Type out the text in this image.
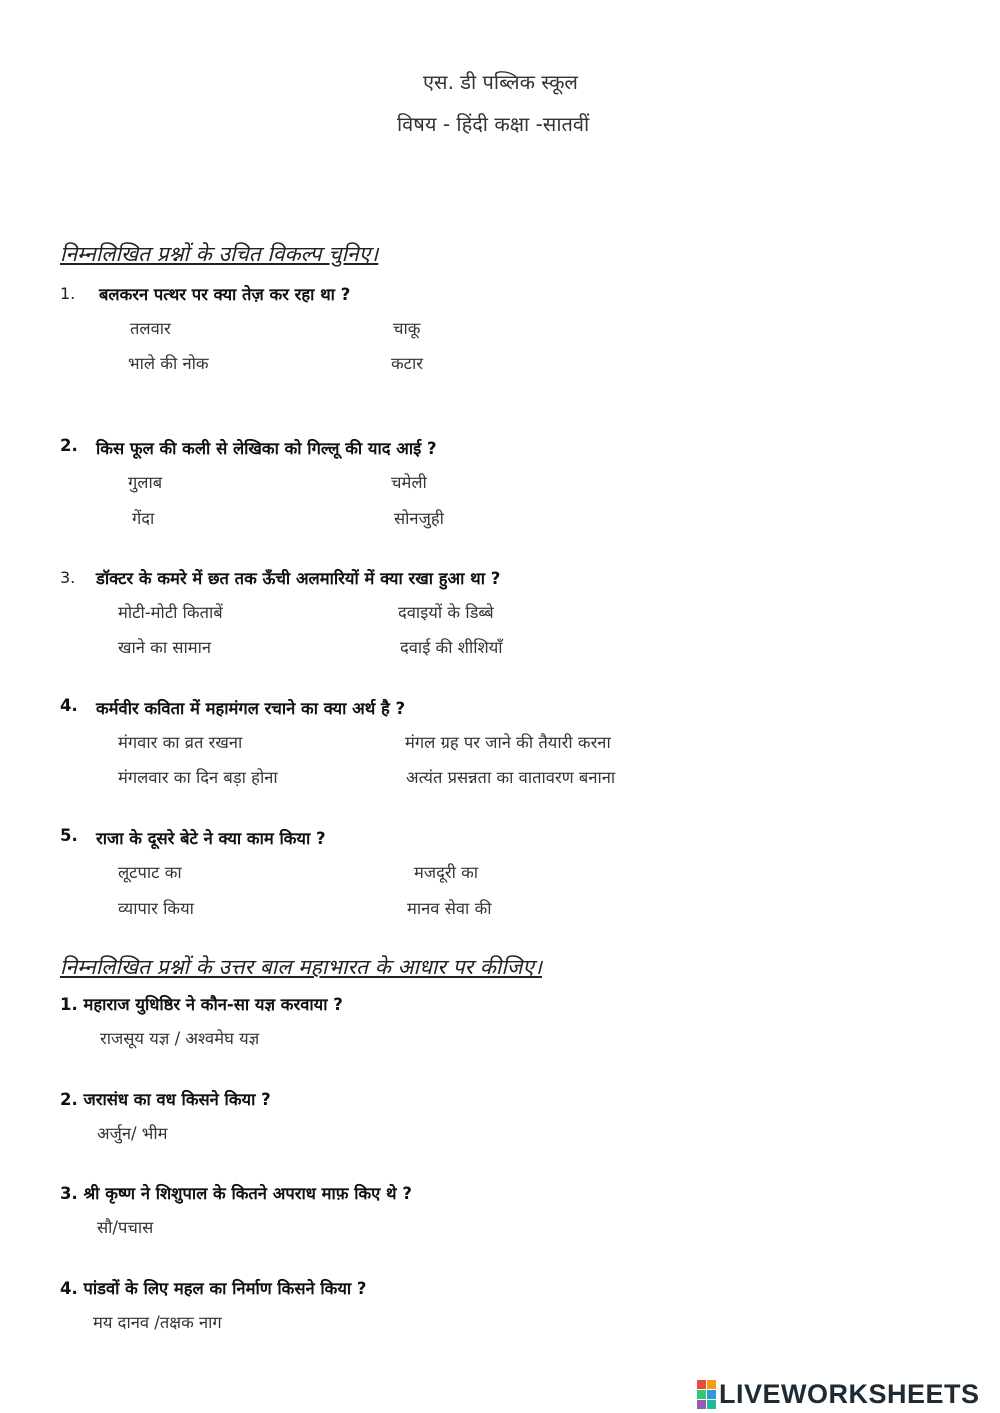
एस. डी पब्लिक स्कूल
विषय - हिंदी कक्षा -सातवीं
निम्नलिखित प्रश्नों के उचित विकल्प चुनिए।
1. बलकरन पत्थर पर क्या तेज़ कर रहा था ?
तलवार	चाकू
भाले की नोक	कटार
2. किस फूल की कली से लेखिका को गिल्लू की याद आई ?
गुलाब	चमेली
गेंदा	सोनजुही
3. डॉक्टर के कमरे में छत तक ऊँची अलमारियों में क्या रखा हुआ था ?
मोटी-मोटी किताबें	दवाइयों के डिब्बे
खाने का सामान	दवाई की शीशियाँ
4. कर्मवीर कविता में महामंगल रचाने का क्या अर्थ है ?
मंगवार का व्रत रखना	मंगल ग्रह पर जाने की तैयारी करना
मंगलवार का दिन बड़ा होना	अत्यंत प्रसन्नता का वातावरण बनाना
5. राजा के दूसरे बेटे ने क्या काम किया ?
लूटपाट का	मजदूरी का
व्यापार किया	मानव सेवा की
निम्नलिखित प्रश्नों के उत्तर बाल महाभारत के आधार पर कीजिए।
1. महाराज युधिष्ठिर ने कौन-सा यज्ञ करवाया ?
राजसूय यज्ञ / अश्वमेघ यज्ञ
2. जरासंध का वध किसने किया ?
अर्जुन/ भीम
3. श्री कृष्ण ने शिशुपाल के कितने अपराध माफ़ किए थे ?
सौ/पचास
4. पांडवों के लिए महल का निर्माण किसने किया ?
मय दानव /तक्षक नाग
LIVEWORKSHEETS
